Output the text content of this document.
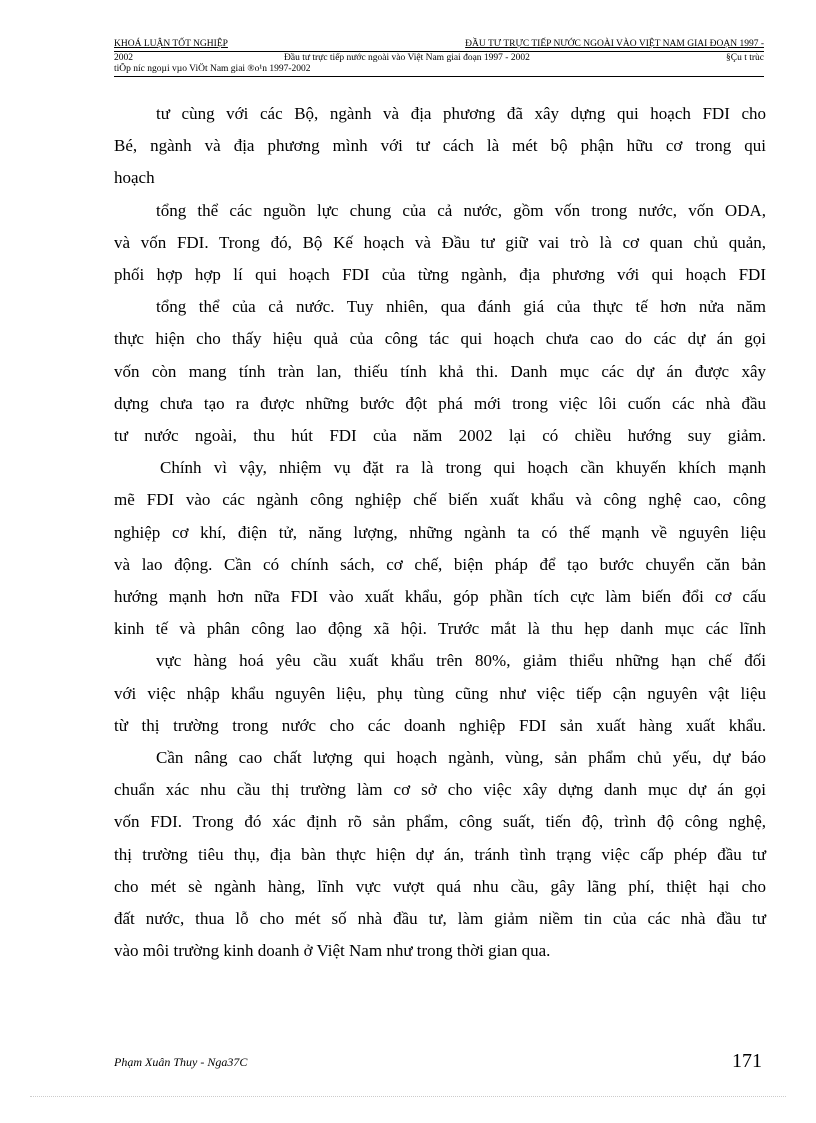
KHOÁ LUẬN TỐT NGHIỆP	ĐẦU TƯ TRỰC TIẾP NƯỚC NGOÀI VÀO VIỆT NAM GIAI ĐOẠN 1997 -
2002	Đầu tư trực tiếp nước ngoài vào Việt Nam giai đoạn 1997 - 2002	§Çu t trùc
tiÕp níc ngoµi vµo ViÖt Nam giai ®o¹n 1997-2002
tư cùng với các Bộ, ngành và địa phương đã xây dựng qui hoạch FDI cho
Bé, ngành và địa phương mình với tư cách là mét bộ phận hữu cơ trong qui
hoạch
tổng thể các nguồn lực chung của cả nước, gồm vốn trong nước, vốn ODA,
và vốn FDI. Trong đó, Bộ Kế hoạch và Đầu tư giữ vai trò là cơ quan chủ quản,
phối hợp hợp lí qui hoạch FDI của từng ngành, địa phương với qui hoạch FDI
tổng thể của cả nước. Tuy nhiên, qua đánh giá của thực tế hơn nửa năm
thực hiện cho thấy hiệu quả của công tác qui hoạch chưa cao do các dự án gọi
vốn còn mang tính tràn lan, thiếu tính khả thi. Danh mục các dự án được xây
dựng chưa tạo ra được những bước đột phá mới trong việc lôi cuốn các nhà đầu
tư nước ngoài, thu hút FDI của năm 2002 lại có chiều hướng suy giảm.
Chính vì vậy, nhiệm vụ đặt ra là trong qui hoạch cần khuyến khích mạnh
mẽ FDI vào các ngành công nghiệp chế biến xuất khẩu và công nghệ cao, công
nghiệp cơ khí, điện tử, năng lượng, những ngành ta có thế mạnh về nguyên liệu
và lao động. Cần có chính sách, cơ chế, biện pháp để tạo bước chuyển căn bản
hướng mạnh hơn nữa FDI vào xuất khẩu, góp phần tích cực làm biến đổi cơ cấu
kinh tế và phân công lao động xã hội. Trước mắt là thu hẹp danh mục các lĩnh
vực hàng hoá yêu cầu xuất khẩu trên 80%, giảm thiểu những hạn chế đối
với việc nhập khẩu nguyên liệu, phụ tùng cũng như việc tiếp cận nguyên vật liệu
từ thị trường trong nước cho các doanh nghiệp FDI sản xuất hàng xuất khẩu.
Cần nâng cao chất lượng qui hoạch ngành, vùng, sản phẩm chủ yếu, dự báo
chuẩn xác nhu cầu thị trường làm cơ sở cho việc xây dựng danh mục dự án gọi
vốn FDI. Trong đó xác định rõ sản phẩm, công suất, tiến độ, trình độ công nghệ,
thị trường tiêu thụ, địa bàn thực hiện dự án, tránh tình trạng việc cấp phép đầu tư
cho mét sè ngành hàng, lĩnh vực vượt quá nhu cầu, gây lãng phí, thiệt hại cho
đất nước, thua lỗ cho mét số nhà đầu tư, làm giảm niềm tin của các nhà đầu tư
vào môi trường kinh doanh ở Việt Nam như trong thời gian qua.
Phạm Xuân Thuy - Nga37C	171
